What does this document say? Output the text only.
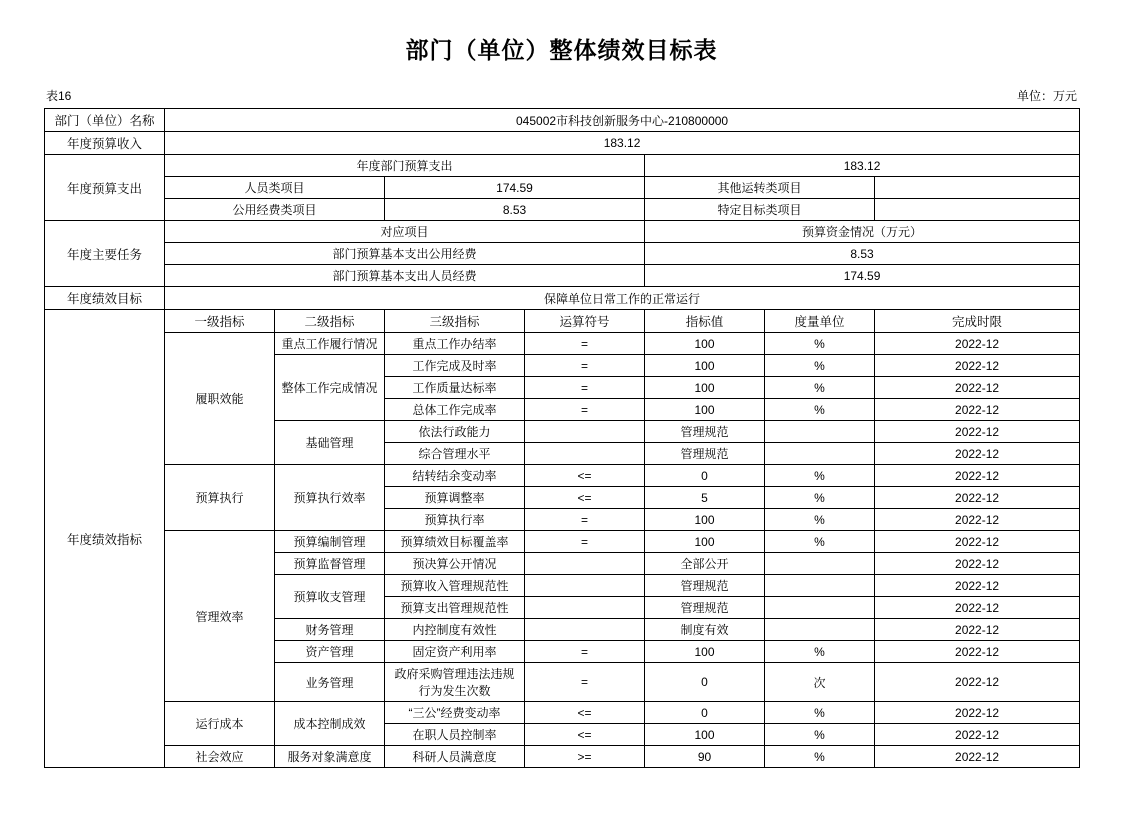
部门（单位）整体绩效目标表
表16	单位：万元
部门（单位）名称	045002市科技创新服务中心-210800000						
年度预算收入	183.12						
年度预算支出	年度部门预算支出				183.12		
	人员类项目		174.59		其他运转类项目		
	公用经费类项目		8.53		特定目标类项目		
年度主要任务	对应项目				预算资金情况（万元）		
	部门预算基本支出公用经费				8.53		
	部门预算基本支出人员经费				174.59		
年度绩效目标	保障单位日常工作的正常运行						
年度绩效指标	一级指标	二级指标	三级指标	运算符号	指标值	度量单位	完成时限
	履职效能	重点工作履行情况	重点工作办结率	=	100	%	2022-12
		整体工作完成情况	工作完成及时率	=	100	%	2022-12
			工作质量达标率	=	100	%	2022-12
			总体工作完成率	=	100	%	2022-12
		基础管理	依法行政能力		管理规范		2022-12
			综合管理水平		管理规范		2022-12
	预算执行	预算执行效率	结转结余变动率	<=	0	%	2022-12
			预算调整率	<=	5	%	2022-12
			预算执行率	=	100	%	2022-12
	管理效率	预算编制管理	预算绩效目标覆盖率	=	100	%	2022-12
		预算监督管理	预决算公开情况		全部公开		2022-12
		预算收支管理	预算收入管理规范性		管理规范		2022-12
			预算支出管理规范性		管理规范		2022-12
		财务管理	内控制度有效性		制度有效		2022-12
		资产管理	固定资产利用率	=	100	%	2022-12
		业务管理	政府采购管理违法违规行为发生次数	=	0	次	2022-12
	运行成本	成本控制成效	“三公”经费变动率	<=	0	%	2022-12
			在职人员控制率	<=	100	%	2022-12
	社会效应	服务对象满意度	科研人员满意度	>=	90	%	2022-12
